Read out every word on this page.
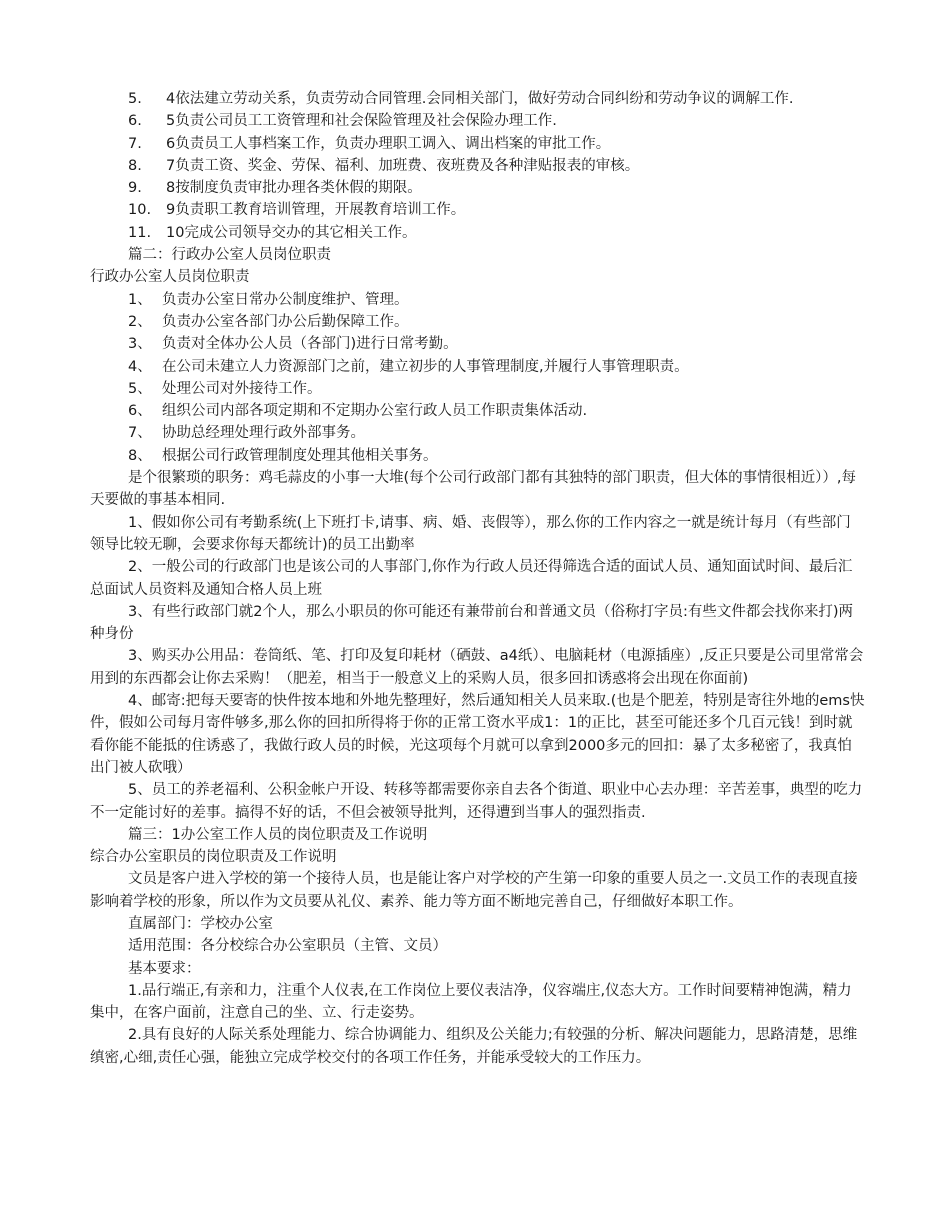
5.	4依法建立劳动关系，负责劳动合同管理.会同相关部门，做好劳动合同纠纷和劳动争议的调解工作.
6.	5负责公司员工工资管理和社会保险管理及社会保险办理工作.
7.	6负责员工人事档案工作，负责办理职工调入、调出档案的审批工作。
8.	7负责工资、奖金、劳保、福利、加班费、夜班费及各种津贴报表的审核。
9.	8按制度负责审批办理各类休假的期限。
10.	9负责职工教育培训管理，开展教育培训工作。
11.	10完成公司领导交办的其它相关工作。
篇二：行政办公室人员岗位职责
行政办公室人员岗位职责
1、 负责办公室日常办公制度维护、管理。
2、 负责办公室各部门办公后勤保障工作。
3、 负责对全体办公人员（各部门)进行日常考勤。
4、 在公司未建立人力资源部门之前，建立初步的人事管理制度,并履行人事管理职责。
5、 处理公司对外接待工作。
6、 组织公司内部各项定期和不定期办公室行政人员工作职责集体活动.
7、 协助总经理处理行政外部事务。
8、 根据公司行政管理制度处理其他相关事务。
是个很繁琐的职务：鸡毛蒜皮的小事一大堆(每个公司行政部门都有其独特的部门职责，但大体的事情很相近））,每天要做的事基本相同.
1、假如你公司有考勤系统(上下班打卡,请事、病、婚、丧假等），那么你的工作内容之一就是统计每月（有些部门领导比较无聊，会要求你每天都统计)的员工出勤率
2、一般公司的行政部门也是该公司的人事部门,你作为行政人员还得筛选合适的面试人员、通知面试时间、最后汇总面试人员资料及通知合格人员上班
3、有些行政部门就2个人，那么小职员的你可能还有兼带前台和普通文员（俗称打字员:有些文件都会找你来打)两种身份
3、购买办公用品：卷筒纸、笔、打印及复印耗材（硒鼓、a4纸）、电脑耗材（电源插座）,反正只要是公司里常常会用到的东西都会让你去采购！（肥差，相当于一般意义上的采购人员，很多回扣诱惑将会出现在你面前)
4、邮寄:把每天要寄的快件按本地和外地先整理好，然后通知相关人员来取.(也是个肥差，特别是寄往外地的ems快件，假如公司每月寄件够多,那么你的回扣所得将于你的正常工资水平成1：1的正比，甚至可能还多个几百元钱！到时就看你能不能抵的住诱惑了，我做行政人员的时候，光这项每个月就可以拿到2000多元的回扣：暴了太多秘密了，我真怕出门被人砍哦）
5、员工的养老福利、公积金帐户开设、转移等都需要你亲自去各个街道、职业中心去办理：辛苦差事，典型的吃力不一定能讨好的差事。搞得不好的话，不但会被领导批判，还得遭到当事人的强烈指责.
篇三：1办公室工作人员的岗位职责及工作说明
综合办公室职员的岗位职责及工作说明
文员是客户进入学校的第一个接待人员，也是能让客户对学校的产生第一印象的重要人员之一.文员工作的表现直接影响着学校的形象，所以作为文员要从礼仪、素养、能力等方面不断地完善自己，仔细做好本职工作。
直属部门：学校办公室
适用范围：各分校综合办公室职员（主管、文员）
基本要求：
1.品行端正,有亲和力，注重个人仪表,在工作岗位上要仪表洁净，仪容端庄,仪态大方。工作时间要精神饱满，精力集中，在客户面前，注意自己的坐、立、行走姿势。
2.具有良好的人际关系处理能力、综合协调能力、组织及公关能力;有较强的分析、解决问题能力，思路清楚，思维缜密,心细,责任心强，能独立完成学校交付的各项工作任务，并能承受较大的工作压力。
